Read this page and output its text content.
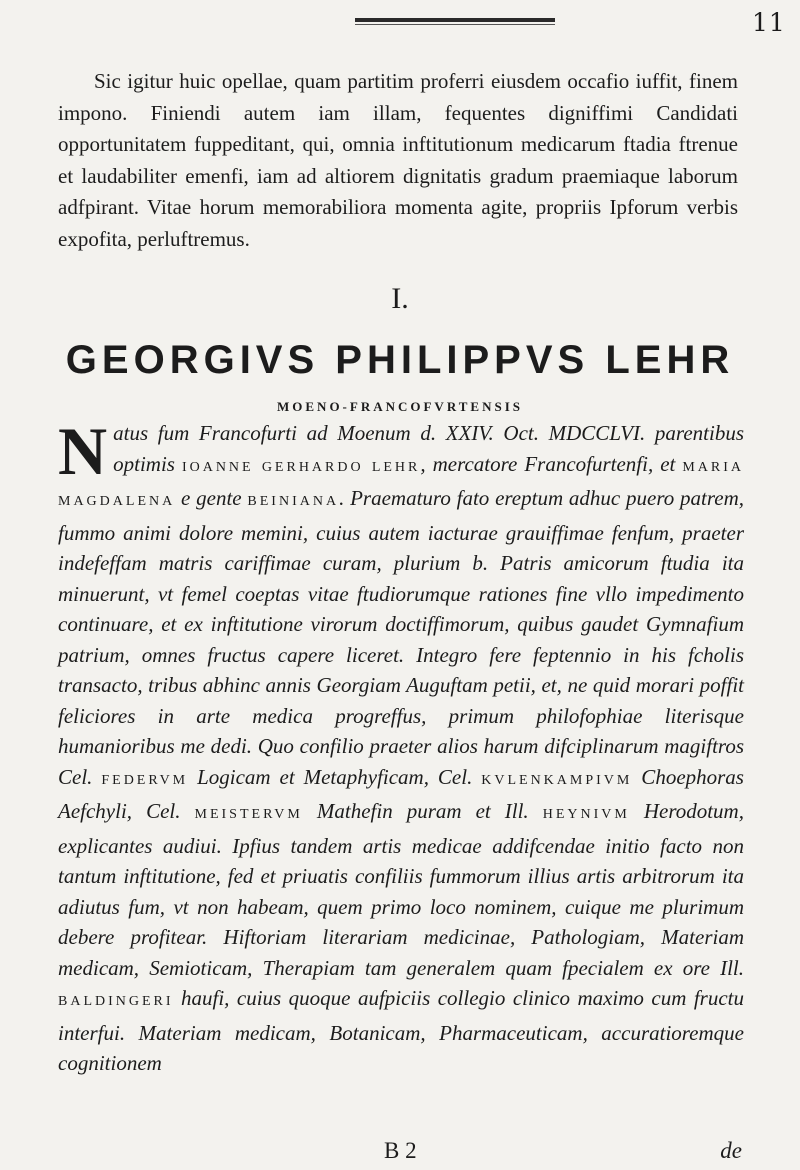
11

Sic igitur huic opellae, quam partitim proferri eiusdem occafio iuffit, finem impono. Finiendi autem iam illam, fequentes digniffimi Candidati opportunitatem fuppeditant, qui, omnia inftitutionum medicarum ftadia ftrenue et laudabiliter emenfi, iam ad altiorem dignitatis gradum praemiaque laborum adfpirant. Vitae horum memorabiliora momenta agite, propriis Ipforum verbis expofita, perluftremus.

I.
GEORGIVS PHILIPPVS LEHR
MOENO-FRANCOFVRTENSIS

Natus fum Francofurti ad Moenum d. XXIV. Oct. MDCCLVI. parentibus optimis IOANNE GERHARDO LEHR, mercatore Francofurtenfi, et MARIA MAGDALENA e gente BEINIANA. Praematuro fato ereptum adhuc puero patrem, fummo animi dolore memini, cuius autem iacturae grauiffimae fenfum, praeter indefeffam matris cariffimae curam, plurium b. Patris amicorum ftudia ita minuerunt, vt femel coeptas vitae ftudiorumque rationes fine vllo impedimento continuare, et ex inftitutione virorum doctiffimorum, quibus gaudet Gymnafium patrium, omnes fructus capere liceret. Integro fere feptennio in his fcholis transacto, tribus abhinc annis Georgiam Auguftam petii, et, ne quid morari poffit feliciores in arte medica progreffus, primum philofophiae literisque humanioribus me dedi. Quo confilio praeter alios harum difciplinarum magiftros Cel. FEDERVM Logicam et Metaphyficam, Cel. KVLENKAMPIVM Choephoras Aefchyli, Cel. MEISTERVM Mathefin puram et Ill. HEYNIVM Herodotum, explicantes audiui. Ipfius tandem artis medicae addifcendae initio facto non tantum inftitutione, fed et priuatis confiliis fummorum illius artis arbitrorum ita adiutus fum, vt non habeam, quem primo loco nominem, cuique me plurimum debere profitear. Hiftoriam literariam medicinae, Pathologiam, Materiam medicam, Semioticam, Therapiam tam generalem quam fpecialem ex ore Ill. BALDINGERI haufi, cuius quoque aufpiciis collegio clinico maximo cum fructu interfui. Materiam medicam, Botanicam, Pharmaceuticam, accuratioremque cognitionem

B 2	de
